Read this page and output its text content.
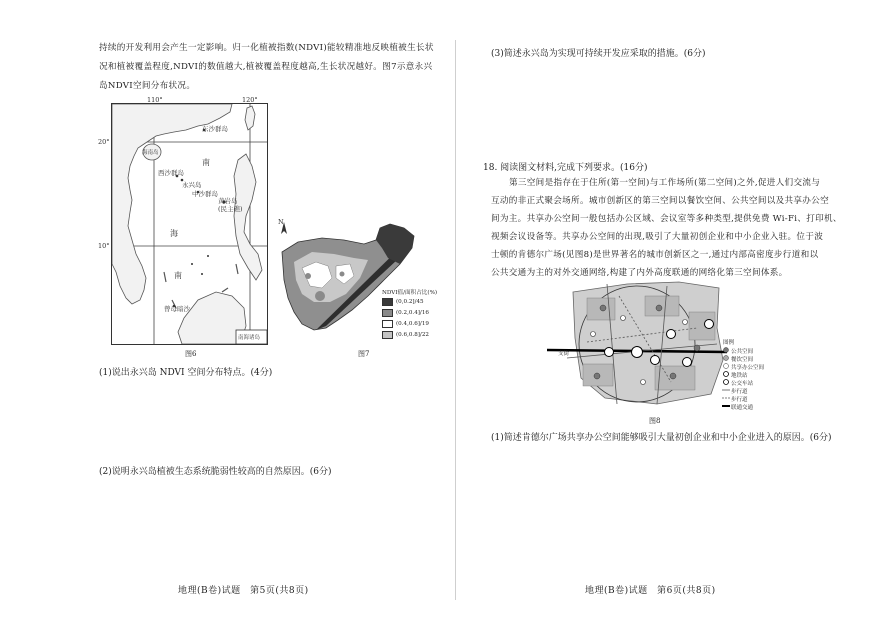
持续的开发利用会产生一定影响。归一化植被指数(NDVI)能较精准地反映植被生长状
况和植被覆盖程度,NDVI的数值越大,植被覆盖程度越高,生长状况越好。图7示意永兴
岛NDVI空间分布状况。
东沙群岛
海南岛
南
西沙群岛
永兴岛
中沙群岛
黄岩岛
(民主礁)
海
南
曾母暗沙
南海诸岛
110°	120°
20°
10°
图6
N
NDVI值/面积占比(%)
(0,0.2]/45
(0.2,0.4]/16
(0.4,0.6]/19
(0.6,0.8]/22
图7
(1)说出永兴岛 NDVI 空间分布特点。(4分)
(2)说明永兴岛植被生态系统脆弱性较高的自然原因。(6分)
地理(B卷)试题　第5页(共8页)
(3)简述永兴岛为实现可持续开发应采取的措施。(6分)
18. 阅读图文材料,完成下列要求。(16分)
第三空间是指存在于住所(第一空间)与工作场所(第二空间)之外,促进人们交流与
互动的非正式聚会场所。城市创新区的第三空间以餐饮空间、公共空间以及共享办公空
间为主。共享办公空间一般包括办公区域、会议室等多种类型,提供免费 Wi-Fi、打印机、
视频会议设备等。共享办公空间的出现,吸引了大量初创企业和中小企业入驻。位于波
士顿的肯德尔广场(见图8)是世界著名的城市创新区之一,通过内部高密度步行道和以
公共交通为主的对外交通网络,构建了内外高度联通的网络化第三空间体系。
支街
图例
公共空间
餐饮空间
共享办公空间
地铁站
公交车站
步行道
步行道
联通交通
图8
(1)简述肯德尔广场共享办公空间能够吸引大量初创企业和中小企业进入的原因。(6分)
地理(B卷)试题　第6页(共8页)
